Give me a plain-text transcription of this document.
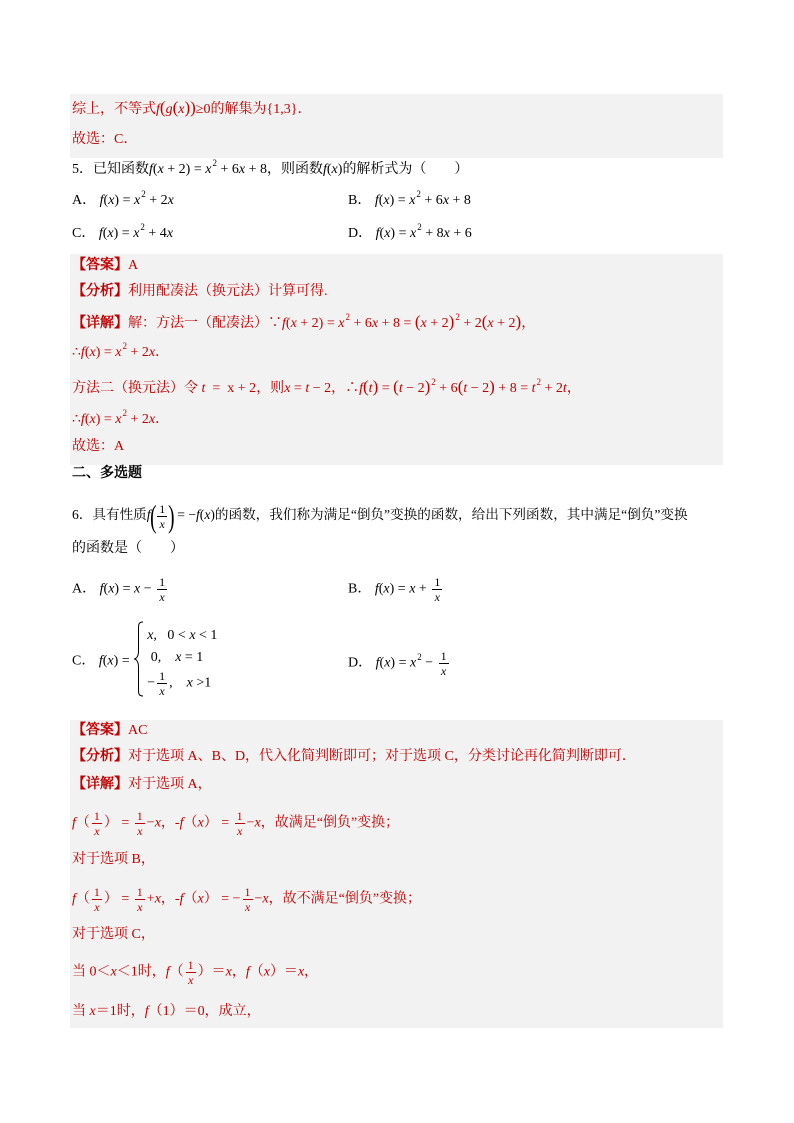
综上，不等式f(g(x))≥0的解集为{1,3}．
故选：C．
5．已知函数$f(x + 2) = x^2 + 6x + 8$，则函数f(x)的解析式为（　　）
A． $f(x) = x^2 + 2x$	B． $f(x) = x^2 + 6x + 8$
C． $f(x) = x^2 + 4x$	D． $f(x) = x^2 + 8x + 6$
【答案】A
【分析】利用配凑法（换元法）计算可得.
【详解】解：方法一（配凑法）∵f(x + $2) = x^2 + 6x + 8 = (x + 2)^2 + 2(x + 2)$，
∴f(x) = $x^2 + 2x$．
方法二（换元法）令 t  =  x + 2，则x = t − 2，∴f(t) = $(t - 2)^2 + 6(t - 2) + 8 = t^2 + 2t$，
∴f(x) = $x^2 + 2x$．
故选：A
二、多选题
6．具有性质$f( \frac{1}{x}$ ) = −f(x)的函数，我们称为满足“倒负”变换的函数，给出下列函数，其中满足“倒负”变换
的函数是（　　）
A． $f(x) = x - \frac{1}{x}$	B． $f(x) = x + \frac{1}{x}$
C． f(x) =
x,   0 < x < 1
0,    x = 1
− $\frac{1}{x}$ ,    x >1
D． $f(x) = x^2 - \frac{1}{x}$
【答案】AC
【分析】对于选项 A、B、D，代入化简判断即可；对于选项 C，分类讨论再化简判断即可．
【详解】对于选项 A，
$f( \frac{1}{x}$ ） = $\frac{1}{x} -x$，$-f(x) = \frac{1}{x} -x$，故满足“倒负”变换；
对于选项 B，
$f( \frac{1}{x}$ ） = $\frac{1}{x} +x$，-f（x） = − $\frac{1}{x} -x$，故不满足“倒负”变换；
对于选项 C，
当 0＜x＜1时，$f( \frac{1}{x} )=x$，f（x）＝x，
当 x＝1时，f（1）＝0，成立，
